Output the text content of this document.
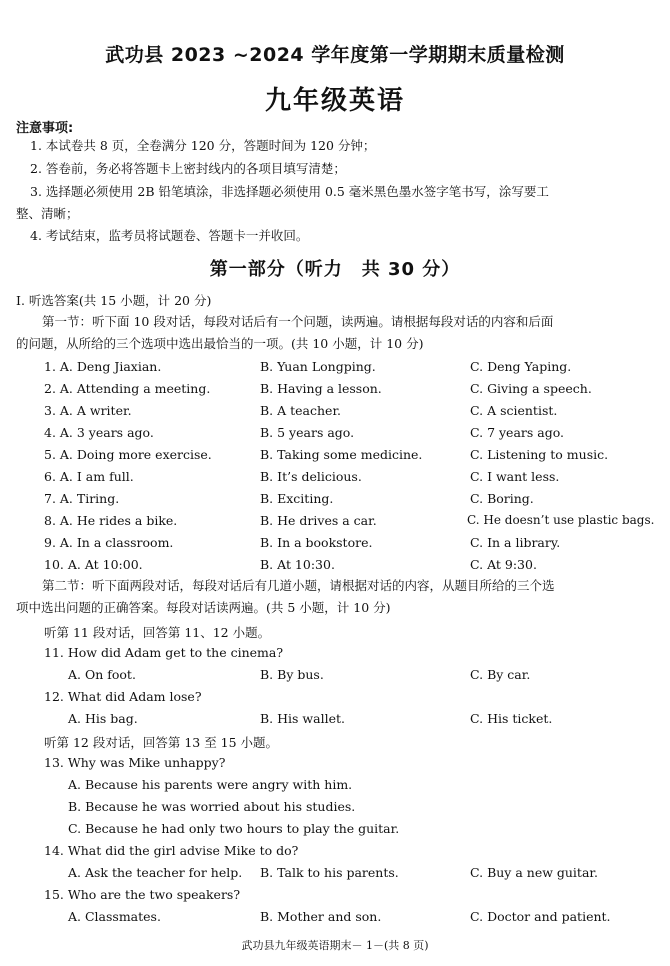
武功县 2023 ~2024 学年度第一学期期末质量检测
九年级英语
注意事项:
1. 本试卷共 8 页，全卷满分 120 分，答题时间为 120 分钟；
2. 答卷前，务必将答题卡上密封线内的各项目填写清楚；
3. 选择题必须使用 2B 铅笔填涂，非选择题必须使用 0.5 毫米黑色墨水签字笔书写，涂写要工
整、清晰；
4. 考试结束，监考员将试题卷、答题卡一并收回。
第一部分（听力　共 30 分）
Ⅰ. 听选答案(共 15 小题，计 20 分)
第一节：听下面 10 段对话，每段对话后有一个问题，读两遍。请根据每段对话的内容和后面
的问题，从所给的三个选项中选出最恰当的一项。(共 10 小题，计 10 分)
1. A. Deng Jiaxian.	B. Yuan Longping.	C. Deng Yaping.
2. A. Attending a meeting.	B. Having a lesson.	C. Giving a speech.
3. A. A writer.	B. A teacher.	C. A scientist.
4. A. 3 years ago.	B. 5 years ago.	C. 7 years ago.
5. A. Doing more exercise.	B. Taking some medicine.	C. Listening to music.
6. A. I am full.	B. It’s delicious.	C. I want less.
7. A. Tiring.	B. Exciting.	C. Boring.
8. A. He rides a bike.	B. He drives a car.	C. He doesn’t use plastic bags.
9. A. In a classroom.	B. In a bookstore.	C. In a library.
10. A. At 10:00.	B. At 10:30.	C. At 9:30.
第二节：听下面两段对话，每段对话后有几道小题，请根据对话的内容，从题目所给的三个选
项中选出问题的正确答案。每段对话读两遍。(共 5 小题，计 10 分)
听第 11 段对话，回答第 11、12 小题。
11. How did Adam get to the cinema?
A. On foot.	B. By bus.	C. By car.
12. What did Adam lose?
A. His bag.	B. His wallet.	C. His ticket.
听第 12 段对话，回答第 13 至 15 小题。
13. Why was Mike unhappy?
A. Because his parents were angry with him.
B. Because he was worried about his studies.
C. Because he had only two hours to play the guitar.
14. What did the girl advise Mike to do?
A. Ask the teacher for help. B. Talk to his parents.	C. Buy a new guitar.
15. Who are the two speakers?
A. Classmates.	B. Mother and son.	C. Doctor and patient.
武功县九年级英语期末－ 1－(共 8 页)
